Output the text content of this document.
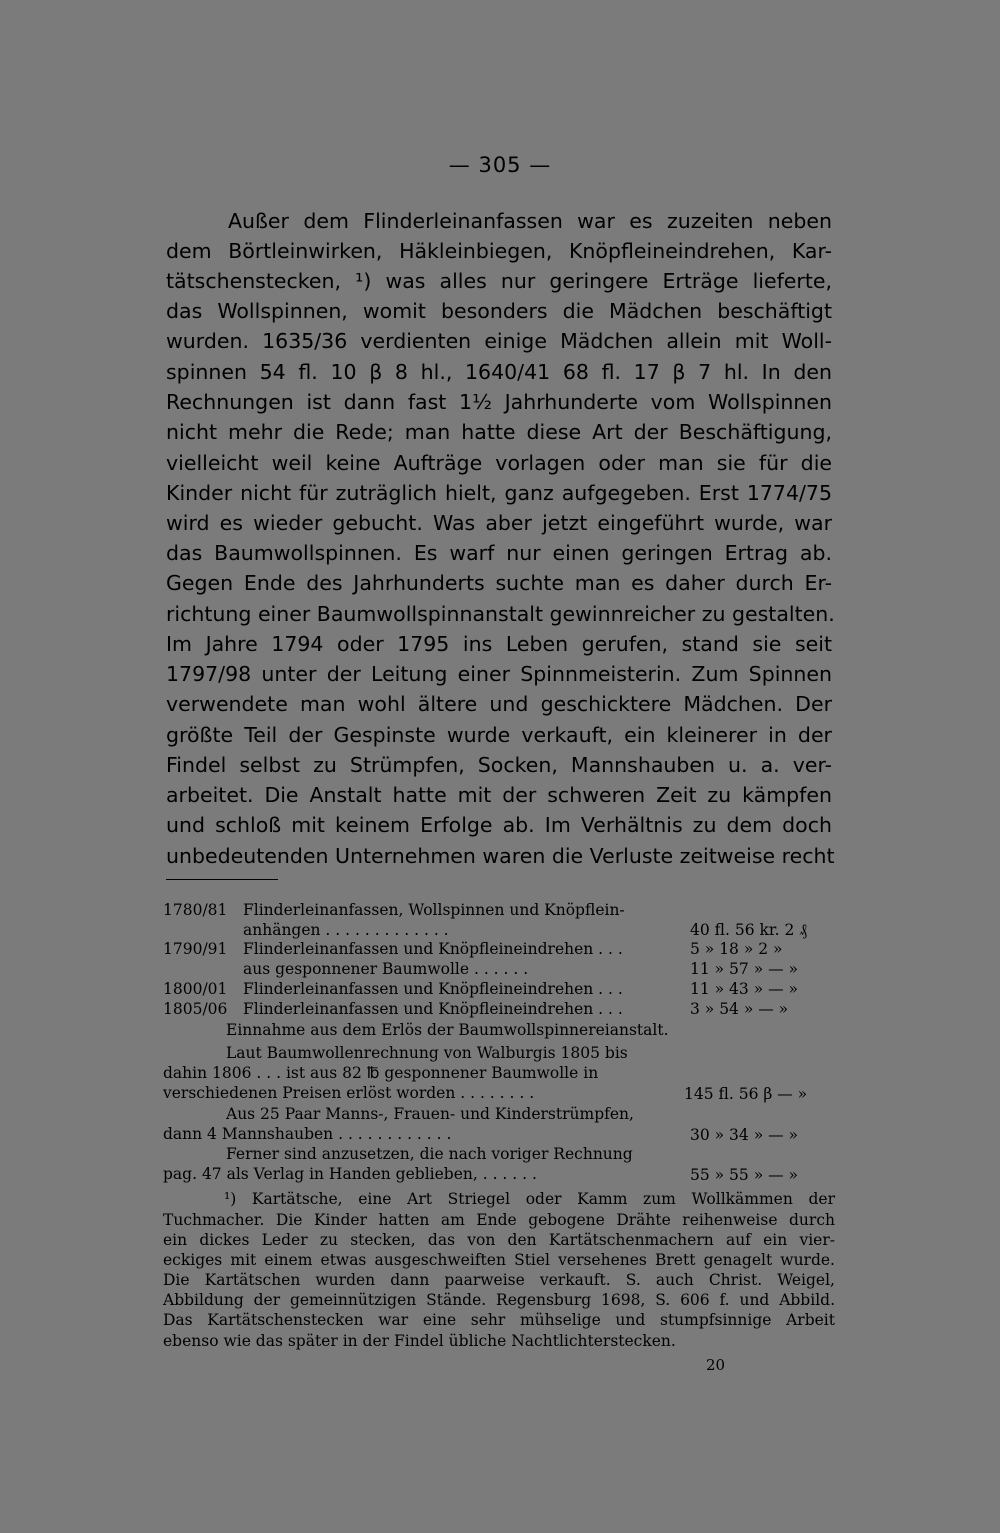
— 305 —
Außer dem Flinderleinanfassen war es zuzeiten neben
dem Börtleinwirken, Häkleinbiegen, Knöpfleineindrehen, Kar-
tätschenstecken, ¹) was alles nur geringere Erträge lieferte,
das Wollspinnen, womit besonders die Mädchen beschäftigt
wurden. 1635/36 verdienten einige Mädchen allein mit Woll-
spinnen 54 fl. 10 β 8 hl., 1640/41 68 fl. 17 β 7 hl. In den
Rechnungen ist dann fast 1½ Jahrhunderte vom Wollspinnen
nicht mehr die Rede; man hatte diese Art der Beschäftigung,
vielleicht weil keine Aufträge vorlagen oder man sie für die
Kinder nicht für zuträglich hielt, ganz aufgegeben. Erst 1774/75
wird es wieder gebucht. Was aber jetzt eingeführt wurde, war
das Baumwollspinnen. Es warf nur einen geringen Ertrag ab.
Gegen Ende des Jahrhunderts suchte man es daher durch Er-
richtung einer Baumwollspinnanstalt gewinnreicher zu gestalten.
Im Jahre 1794 oder 1795 ins Leben gerufen, stand sie seit
1797/98 unter der Leitung einer Spinnmeisterin. Zum Spinnen
verwendete man wohl ältere und geschicktere Mädchen. Der
größte Teil der Gespinste wurde verkauft, ein kleinerer in der
Findel selbst zu Strümpfen, Socken, Mannshauben u. a. ver-
arbeitet. Die Anstalt hatte mit der schweren Zeit zu kämpfen
und schloß mit keinem Erfolge ab. Im Verhältnis zu dem doch
unbedeutenden Unternehmen waren die Verluste zeitweise recht
1780/81	Flinderleinanfassen, Wollspinnen und Knöpflein-
anhängen . . . . . . . . . . . . .	40 fl. 56 kr. 2 ₰
1790/91	Flinderleinanfassen und Knöpfleineindrehen . . .	5 » 18 » 2 »
aus gesponnener Baumwolle . . . . . .	11 » 57 » — »
1800/01	Flinderleinanfassen und Knöpfleineindrehen . . .	11 » 43 » — »
1805/06	Flinderleinanfassen und Knöpfleineindrehen . . .	3 » 54 » — »
Einnahme aus dem Erlös der Baumwollspinnereianstalt.
Laut Baumwollenrechnung von Walburgis 1805 bis
dahin 1806 . . . ist aus 82 ℔ gesponnener Baumwolle in
verschiedenen Preisen erlöst worden . . . . . . . .	145 fl. 56 β — »
Aus 25 Paar Manns-, Frauen- und Kinderstrümpfen,
dann 4 Mannshauben . . . . . . . . . . . .	30 » 34 » — »
Ferner sind anzusetzen, die nach voriger Rechnung
pag. 47 als Verlag in Handen geblieben, . . . . . .	55 » 55 » — »
¹) Kartätsche, eine Art Striegel oder Kamm zum Wollkämmen der
Tuchmacher. Die Kinder hatten am Ende gebogene Drähte reihenweise durch
ein dickes Leder zu stecken, das von den Kartätschenmachern auf ein vier-
eckiges mit einem etwas ausgeschweiften Stiel versehenes Brett genagelt wurde.
Die Kartätschen wurden dann paarweise verkauft. S. auch Christ. Weigel,
Abbildung der gemeinnützigen Stände. Regensburg 1698, S. 606 f. und Abbild.
Das Kartätschenstecken war eine sehr mühselige und stumpfsinnige Arbeit
ebenso wie das später in der Findel übliche Nachtlichterstecken.
20
